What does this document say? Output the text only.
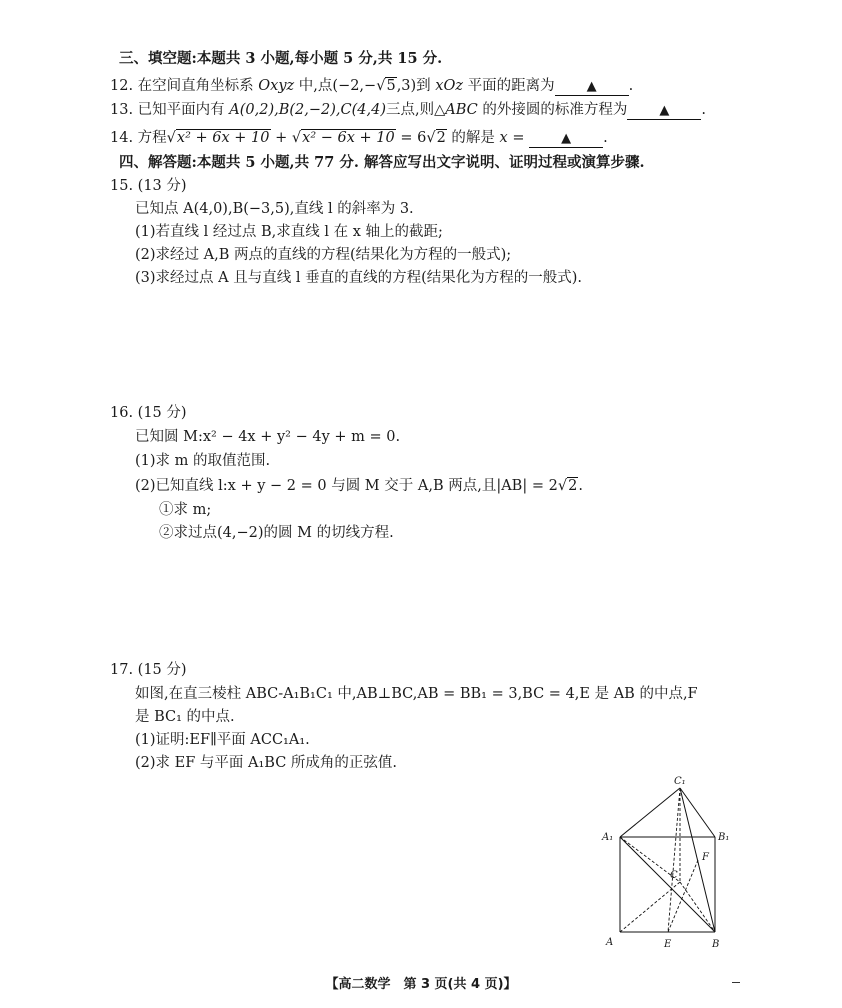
三、填空题:本题共 3 小题,每小题 5 分,共 15 分.
12. 在空间直角坐标系 Oxyz 中,点(−2,−√5,3)到 xOz 平面的距离为 ▲ .
13. 已知平面内有 A(0,2),B(2,−2),C(4,4)三点,则△ABC 的外接圆的标准方程为 ▲ .
14. 方程√x² + 6x + 10 + √x² − 6x + 10 = 6√2 的解是 x = ▲ .
四、解答题:本题共 5 小题,共 77 分. 解答应写出文字说明、证明过程或演算步骤.
15. (13 分)
已知点 A(4,0),B(−3,5),直线 l 的斜率为 3.
(1)若直线 l 经过点 B,求直线 l 在 x 轴上的截距;
(2)求经过 A,B 两点的直线的方程(结果化为方程的一般式);
(3)求经过点 A 且与直线 l 垂直的直线的方程(结果化为方程的一般式).
16. (15 分)
已知圆 M:x² − 4x + y² − 4y + m = 0.
(1)求 m 的取值范围.
(2)已知直线 l:x + y − 2 = 0 与圆 M 交于 A,B 两点,且|AB| = 2√2.
①求 m;
②求过点(4,−2)的圆 M 的切线方程.
17. (15 分)
如图,在直三棱柱 ABC-A₁B₁C₁ 中,AB⊥BC,AB = BB₁ = 3,BC = 4,E 是 AB 的中点,F
是 BC₁ 的中点.
(1)证明:EF∥平面 ACC₁A₁.
(2)求 EF 与平面 A₁BC 所成角的正弦值.
C₁
A₁	B₁
F
C
A	E	B
【高二数学　第 3 页(共 4 页)】
